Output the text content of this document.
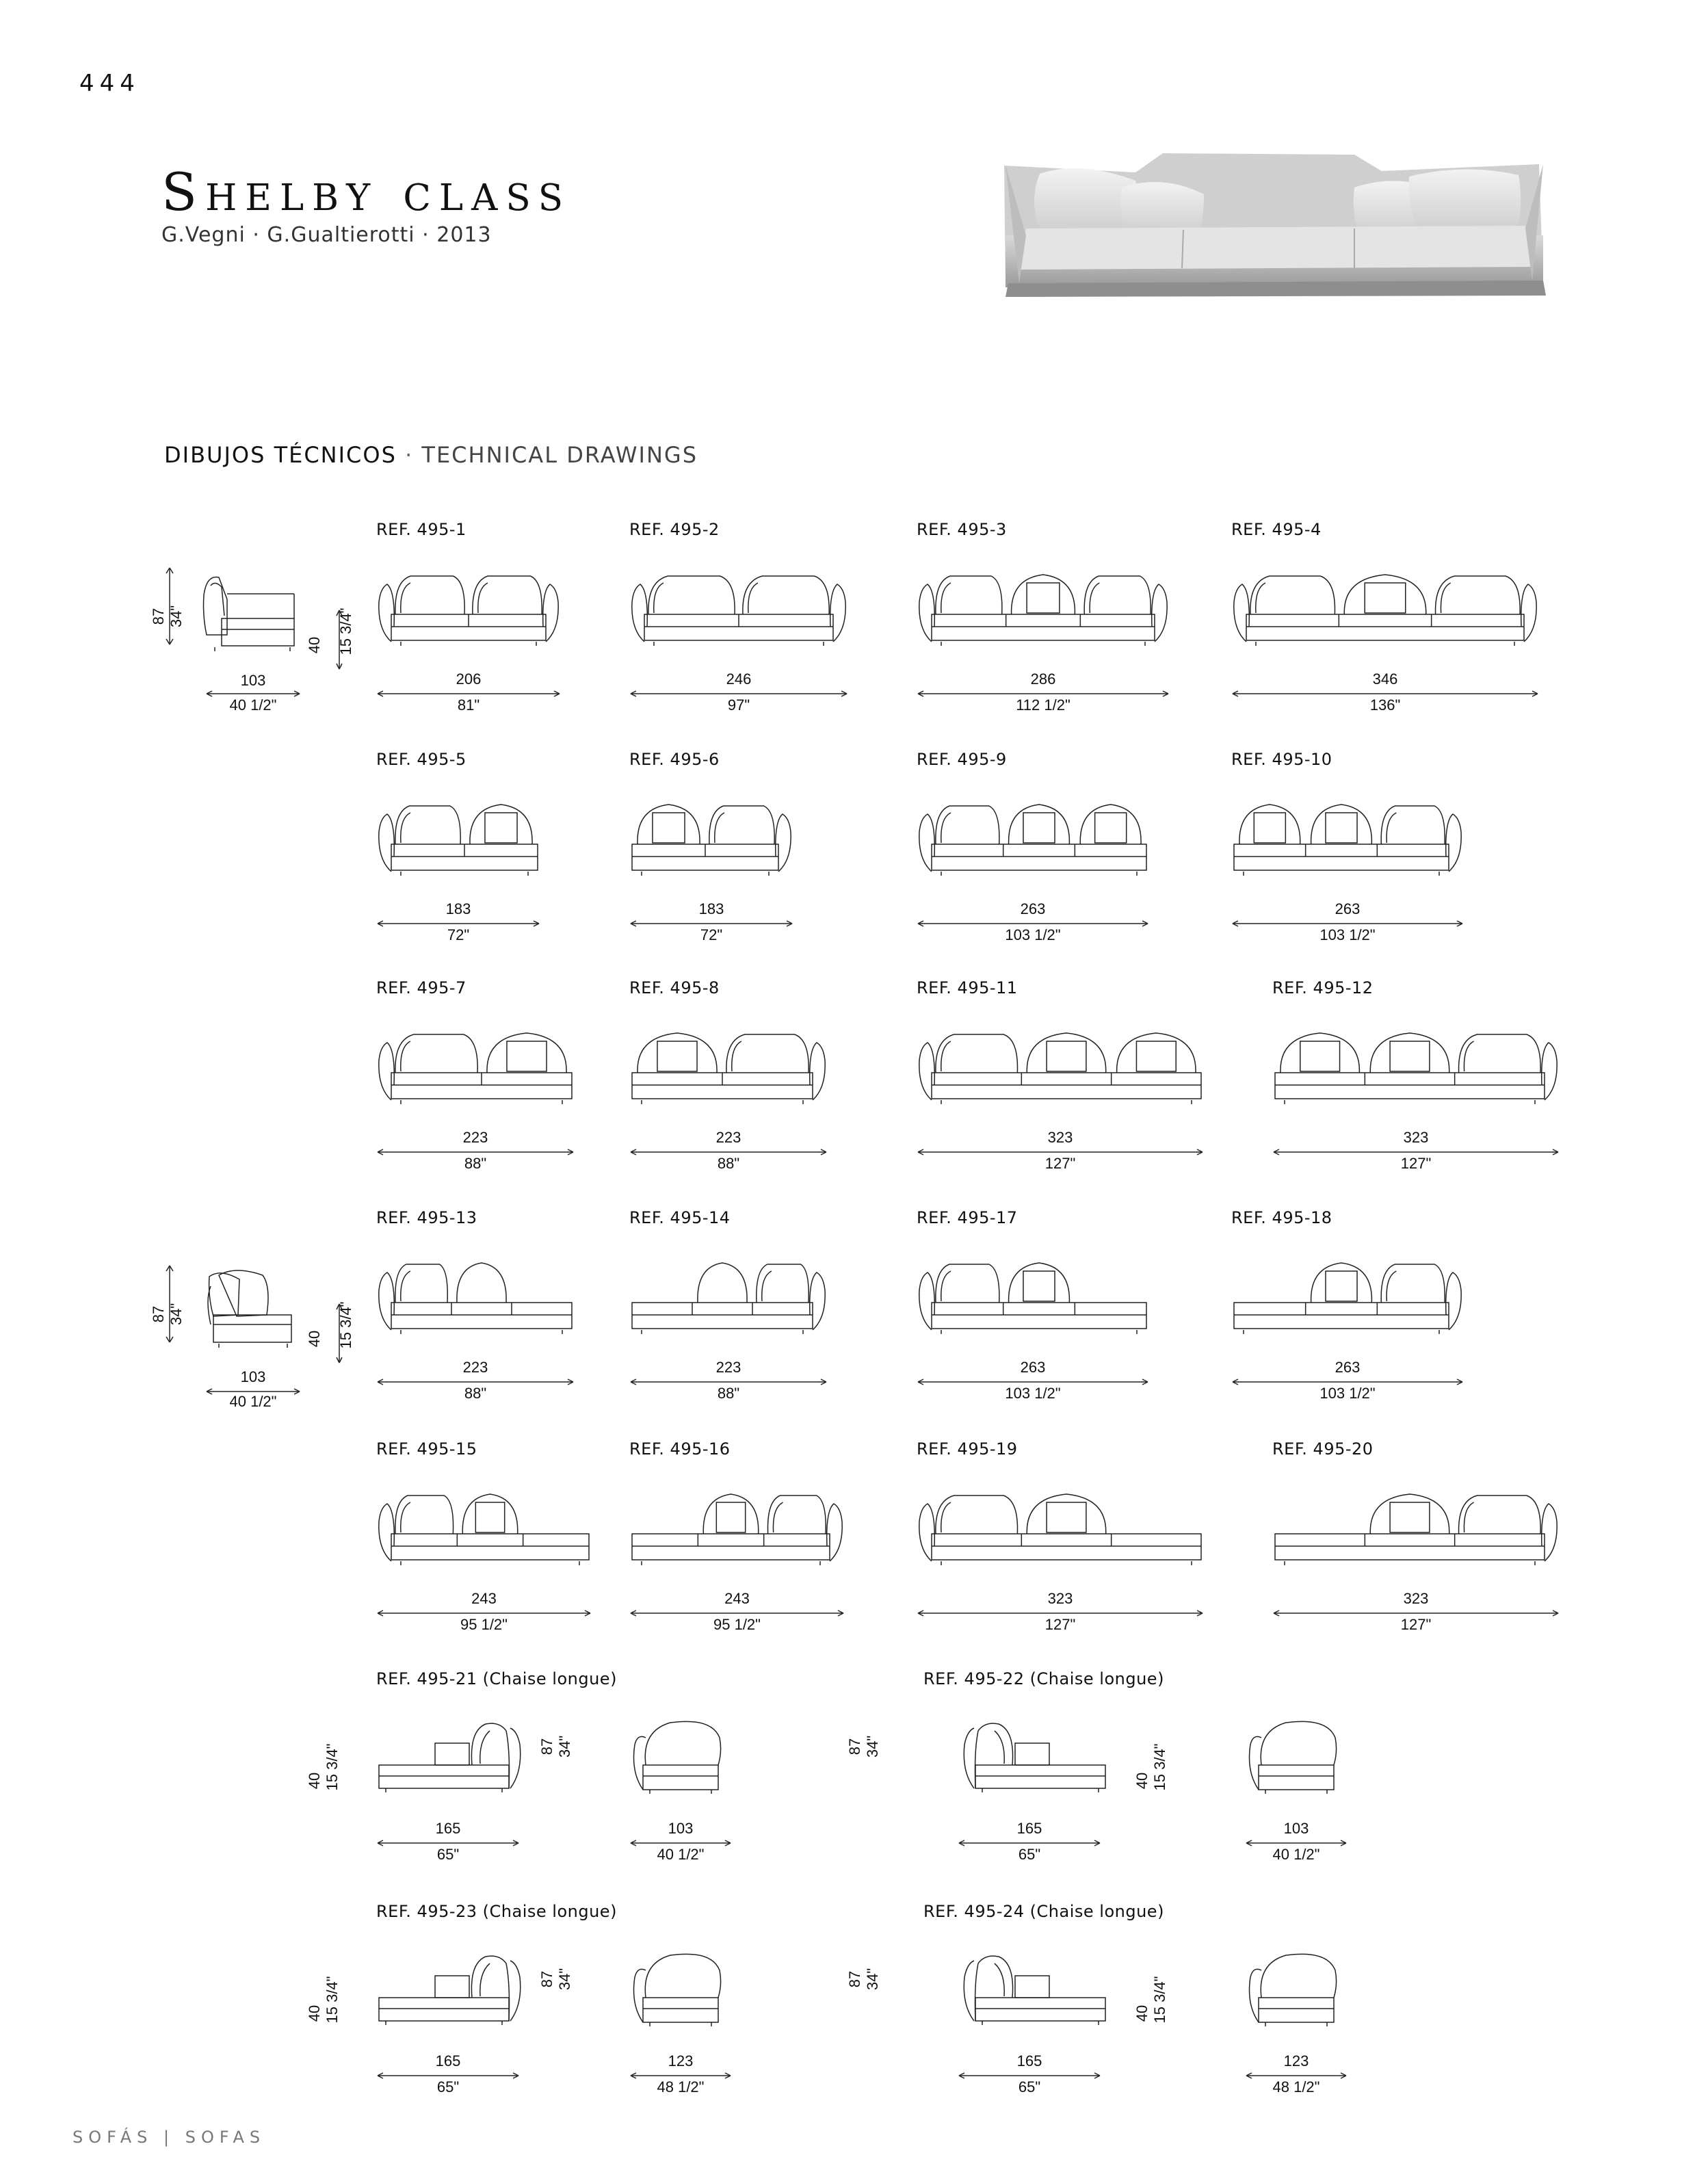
444
Shelby class
G.Vegni · G.Gualtierotti · 2013
DIBUJOS TÉCNICOS · TECHNICAL DRAWINGS
87 34"
103
40 1/2"
40 15 3/4"
87 34"
103
40 1/2"
40 15 3/4"
SOFÁS | SOFAS
REF. 495-1
206
81"
REF. 495-2
246
97"
REF. 495-3
286
112 1/2"
REF. 495-4
346
136"
REF. 495-5
183
72"
REF. 495-6
183
72"
REF. 495-9
263
103 1/2"
REF. 495-10
263
103 1/2"
REF. 495-7
223
88"
REF. 495-8
223
88"
REF. 495-11
323
127"
REF. 495-12
323
127"
REF. 495-13
223
88"
REF. 495-14
223
88"
REF. 495-17
263
103 1/2"
REF. 495-18
263
103 1/2"
REF. 495-15
243
95 1/2"
REF. 495-16
243
95 1/2"
REF. 495-19
323
127"
REF. 495-20
323
127"
REF. 495-21 (Chaise longue)
40 15 3/4"	87 34"
165
65"
103
40 1/2"
REF. 495-22 (Chaise longue)
40 15 3/4"
87 34"
165
65"
103
40 1/2"
REF. 495-23 (Chaise longue)
40 15 3/4"	87 34"
165
65"
123
48 1/2"
REF. 495-24 (Chaise longue)
40 15 3/4"
87 34"
165
65"
123
48 1/2"
